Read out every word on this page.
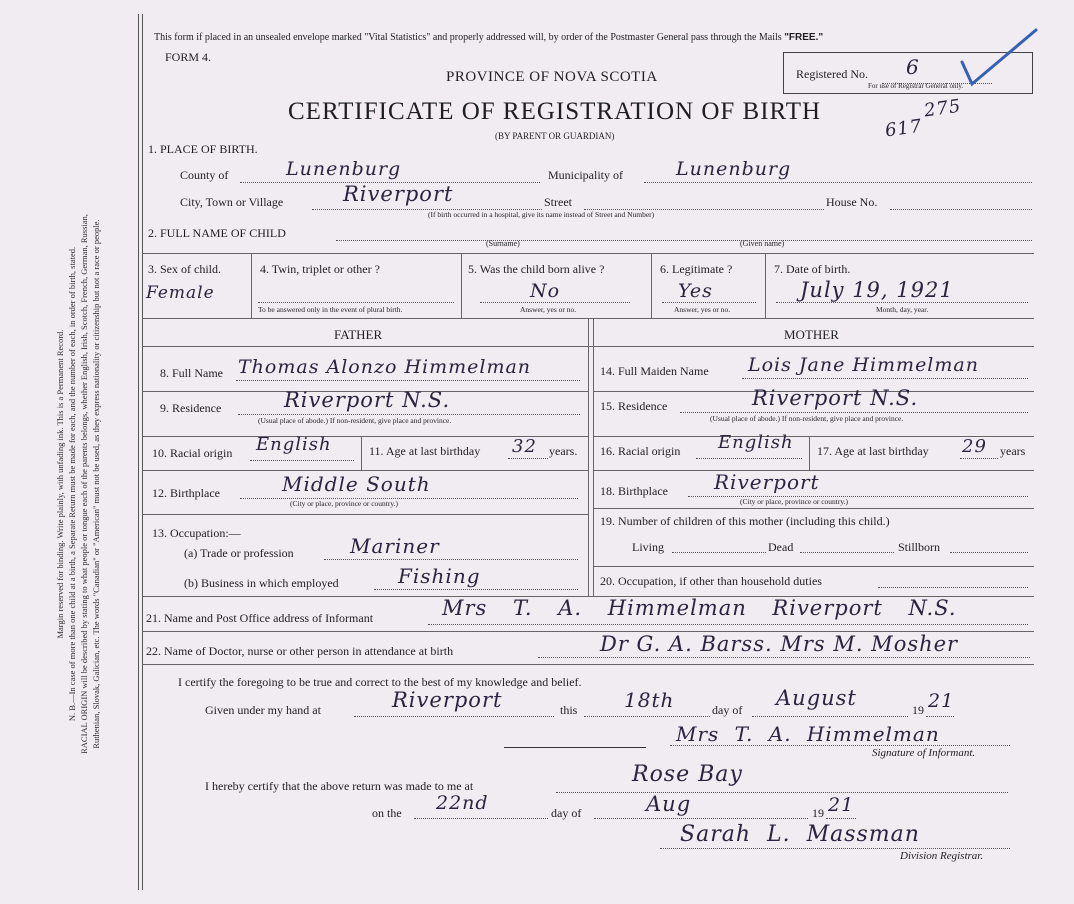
Margin reserved for binding. Write plainly, with unfading ink. This is a Permanent Record. N. B.—In case of more than one child at a birth, a Separate Return must be made for each, and the number of each, in order of birth, stated. RACIAL ORIGIN will be described by stating to what people or tongue each of the parents belongs, whether English, Irish, Scotch, French, German, Russian, Ruthenian, Slovak, Galician, etc. The words "Canadian" or "American" must not be used, as they express nationality or citizenship but not a race or people.
This form if placed in an unsealed envelope marked "Vital Statistics" and properly addressed will, by order of the Postmaster General pass through the Mails "FREE."
FORM 4.
PROVINCE OF NOVA SCOTIA
CERTIFICATE OF REGISTRATION OF BIRTH
(BY PARENT OR GUARDIAN)
Registered No. 6
For use of Registrar General only.
617
275
1. PLACE OF BIRTH.
County of	Lunenburg	Municipality of	Lunenburg
City, Town or Village	Riverport	Street	House No.
(If birth occurred in a hospital, give its name instead of Street and Number)
2. FULL NAME OF CHILD
(Surname)	(Given name)
3. Sex of child.
Female
4. Twin, triplet or other ?
To be answered only in the event of plural birth.
5. Was the child born alive ?
No
Answer, yes or no.
6. Legitimate ?
Yes
Answer, yes or no.
7. Date of birth.
July 19, 1921
Month, day, year.
FATHER	MOTHER
8. Full Name Thomas Alonzo Himmelman
9. Residence	Riverport N.S.
(Usual place of abode.) If non-resident, give place and province.
10. Racial origin English	11. Age at last birthday 32 years.
12. Birthplace	Middle South
(City or place, province or country.)
13. Occupation:—
(a) Trade or profession	Mariner
(b) Business in which employed	Fishing
14. Full Maiden Name Lois Jane Himmelman
15. Residence	Riverport N.S.
(Usual place of abode.) If non-resident, give place and province.
16. Racial origin English 17. Age at last birthday 29 years
18. Birthplace Riverport
(City or place, province or country.)
19. Number of children of this mother (including this child.)
Living	Dead	Stillborn
20. Occupation, if other than household duties
21. Name and Post Office address of Informant	Mrs T. A. Himmelman Riverport N.S.
22. Name of Doctor, nurse or other person in attendance at birth	Dr G. A. Barss. Mrs M. Mosher
I certify the foregoing to be true and correct to the best of my knowledge and belief.
Given under my hand at	Riverport	this 18th	day of August	19 21
Mrs T. A. Himmelman
Signature of Informant.
I hereby certify that the above return was made to me at	Rose Bay
on the 22nd	day of	Aug	19 21
Sarah L. Massman
Division Registrar.
